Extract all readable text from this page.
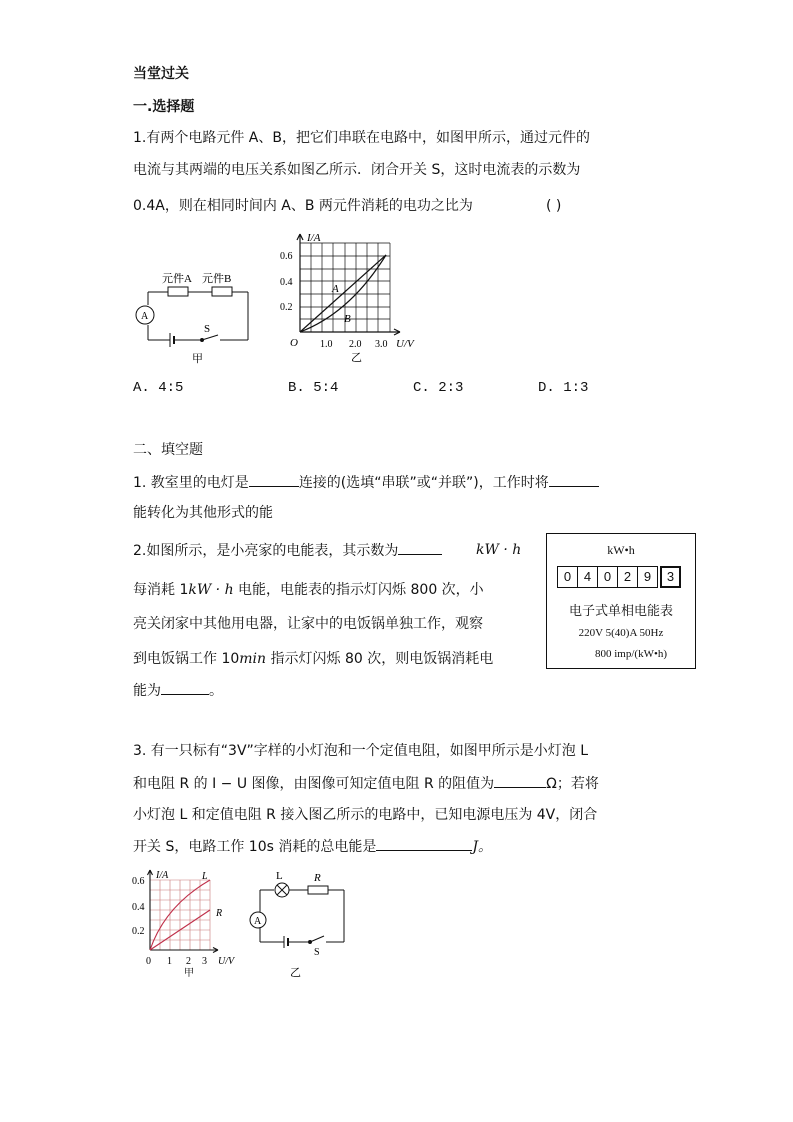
当堂过关
一.选择题
1.有两个电路元件 A、B，把它们串联在电路中，如图甲所示，通过元件的
电流与其两端的电压关系如图乙所示．闭合开关 S，这时电流表的示数为
0.4A，则在相同时间内 A、B 两元件消耗的电功之比为	( )
元件A 元件B
A
S
甲
I/A
U/V
O
0.6
0.4
0.2
1.0 2.0 3.0
A
B
乙
A. 4:5	B. 5:4	C. 2:3	D. 1:3
二、填空题
1. 教室里的电灯是	连接的(选填“串联”或“并联”)，工作时将
能转化为其他形式的能
2.如图所示，是小亮家的电能表，其示数为	kW · h
每消耗 1kW · h 电能，电能表的指示灯闪烁 800 次，小
亮关闭家中其他用电器，让家中的电饭锅单独工作，观察
到电饭锅工作 10min 指示灯闪烁 80 次，则电饭锅消耗电
能为	。
kW•h
0 4 0 2 9	3
电子式单相电能表
220V 5(40)A 50Hz
800 imp/(kW•h)
3. 有一只标有“3V”字样的小灯泡和一个定值电阻，如图甲所示是小灯泡 L
和电阻 R 的 I − U 图像，由图像可知定值电阻 R 的阻值为	Ω；若将
小灯泡 L 和定值电阻 R 接入图乙所示的电路中，已知电源电压为 4V，闭合
开关 S，电路工作 10s 消耗的总电能是	J。
I/A
U/V
0
0.6
0.4
0.2
1 2 3
L
R
甲
L	R
A
S
乙
